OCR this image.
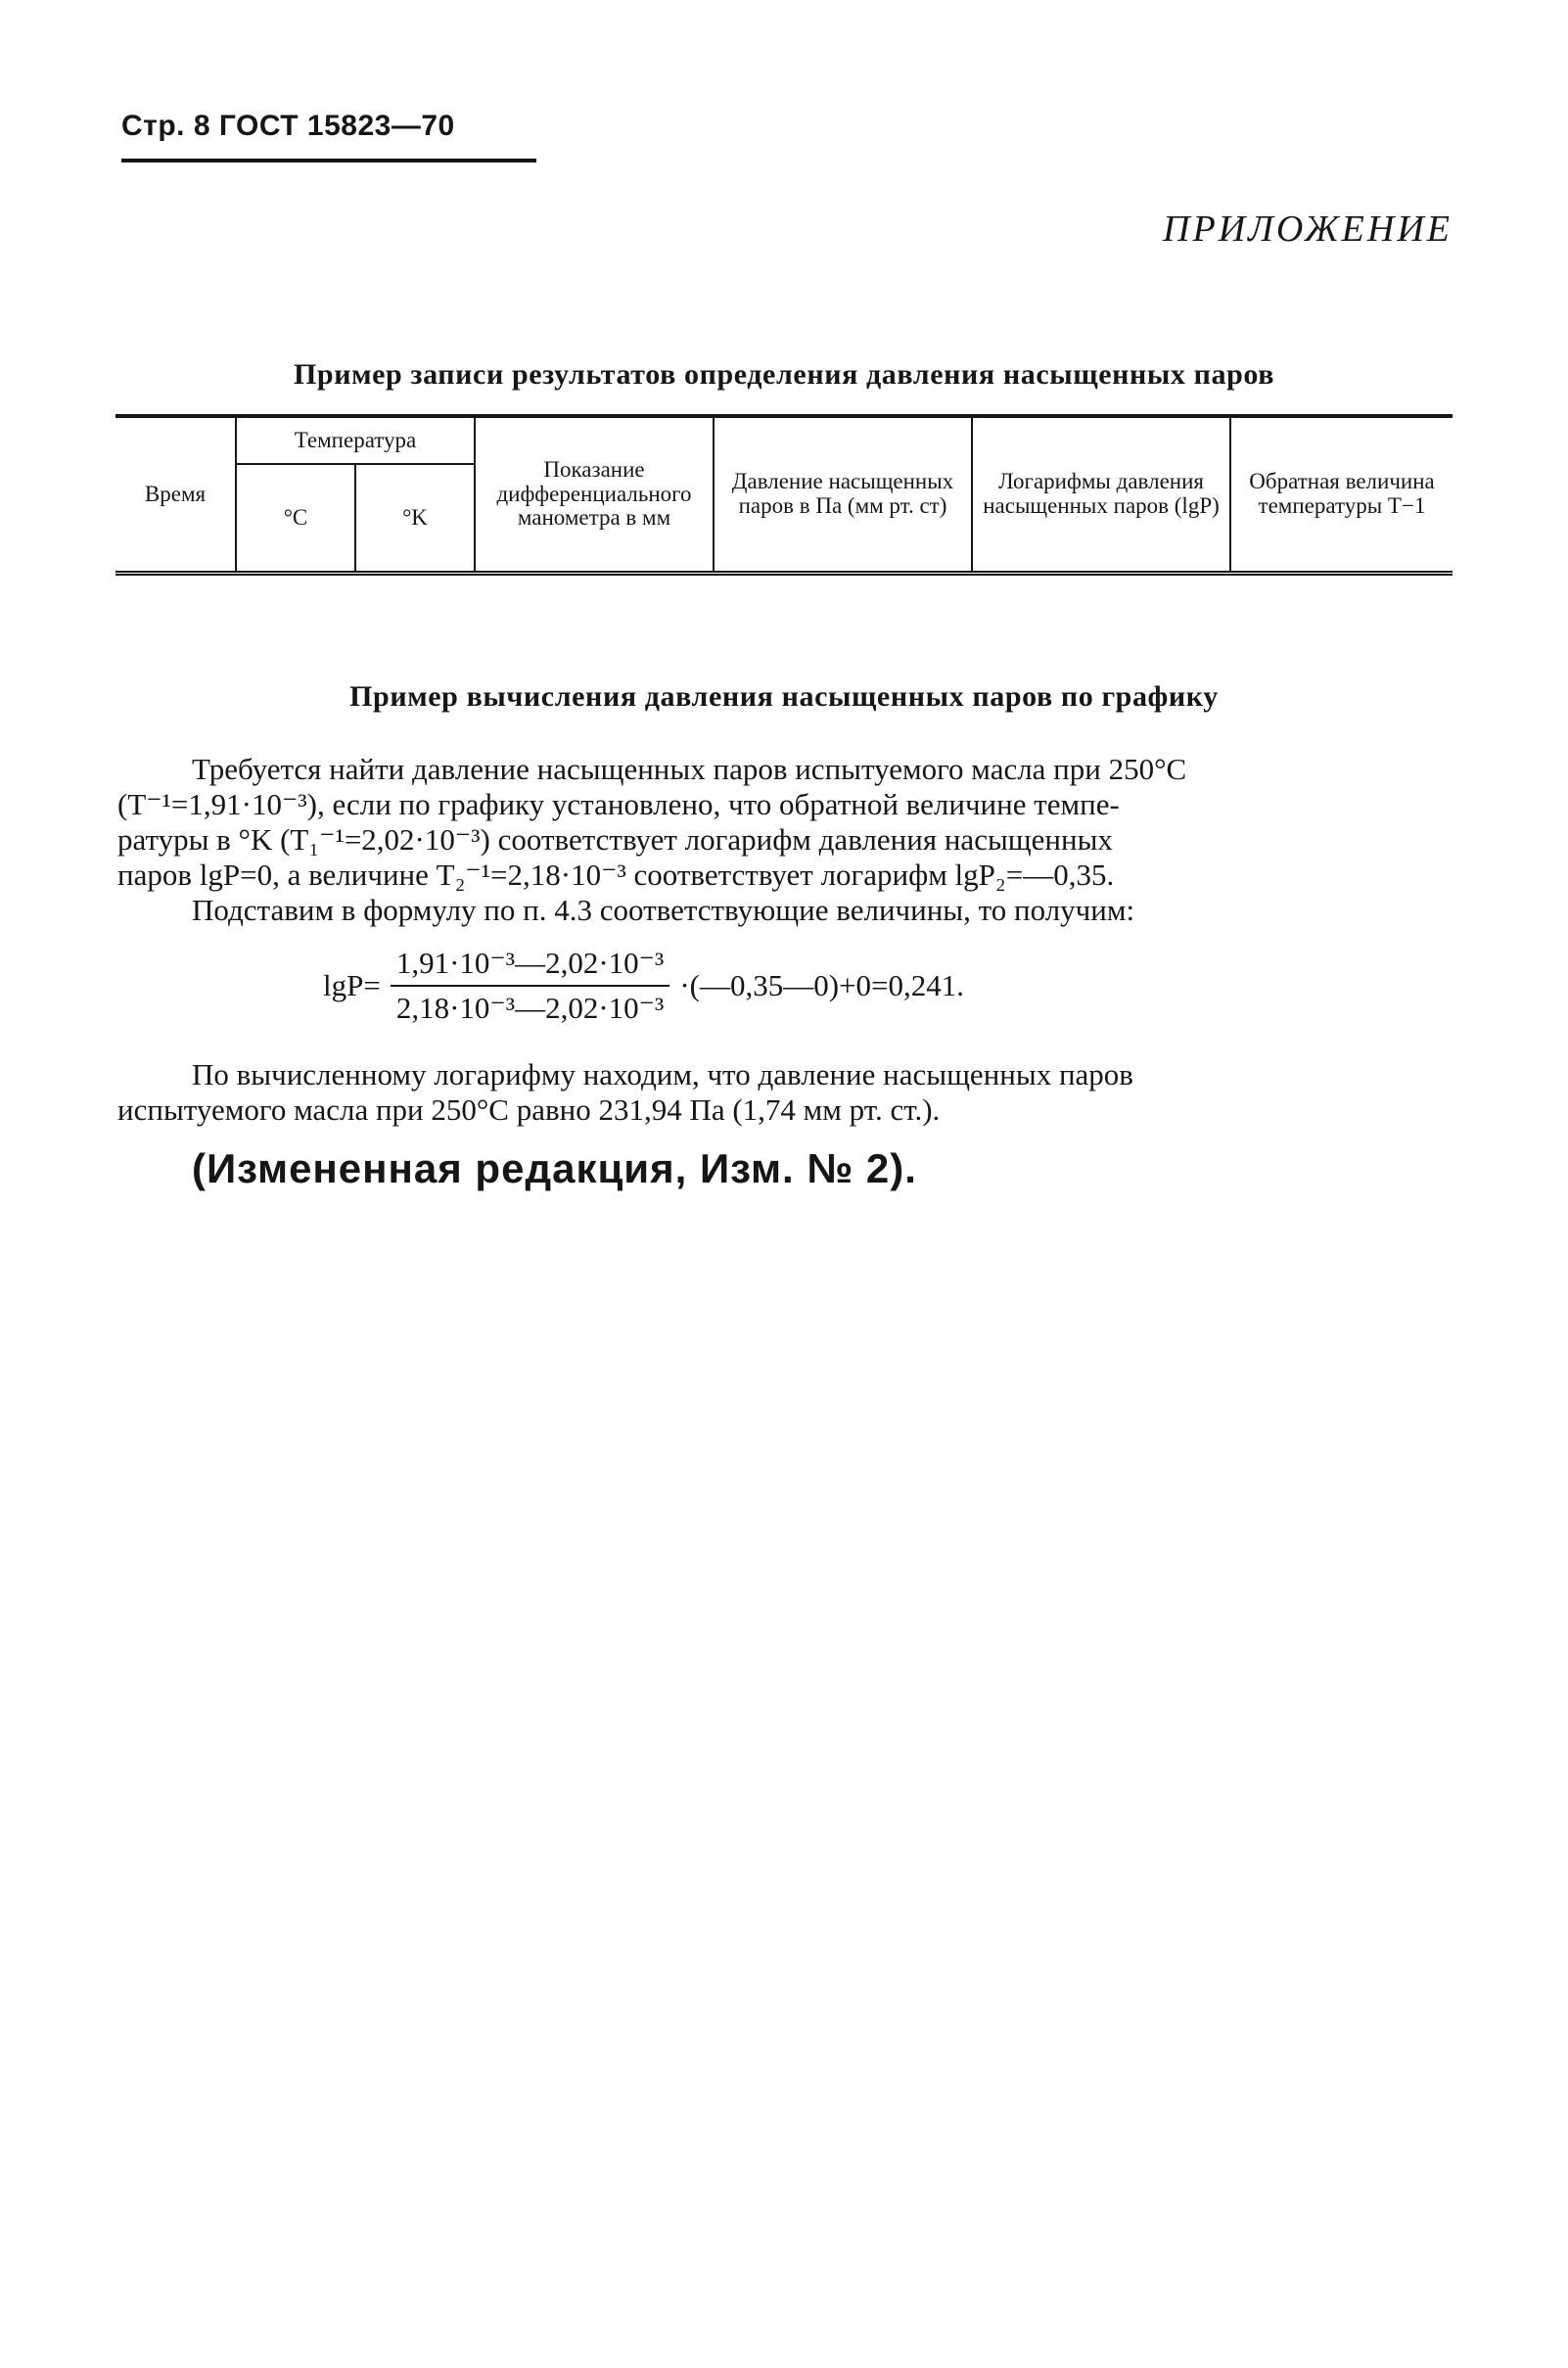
Стр. 8 ГОСТ 15823—70
ПРИЛОЖЕНИЕ
Пример записи результатов определения давления насыщенных паров
Время	Температура		Показание дифференциального манометра в мм	Давление насыщенных паров в Па (мм рт. ст)	Логарифмы давления насыщенных паров (lgP)	Обратная величина температуры T−1
	°C	°K				
Пример вычисления давления насыщенных паров по графику

Требуется найти давление насыщенных паров испытуемого масла при 250°C

(T⁻¹=1,91·10⁻³), если по графику установлено, что обратной величине темпе-

ратуры в °K (T₁⁻¹=2,02·10⁻³) соответствует логарифм давления насыщенных

паров lgP=0, а величине T₂⁻¹=2,18·10⁻³ соответствует логарифм lgP₂=—0,35.

Подставим в формулу по п. 4.3 соответствующие величины, то получим:

$\lg P= \frac{\text{1,91·10⁻³—2,02·10⁻³}}{\text{2,18·10⁻³—2,02·10⁻³}}$ ·(—0,35—0)+0=0,241.

По вычисленному логарифму находим, что давление насыщенных паров

испытуемого масла при 250°C равно 231,94 Па (1,74 мм рт. ст.).

(Измененная редакция, Изм. № 2).
